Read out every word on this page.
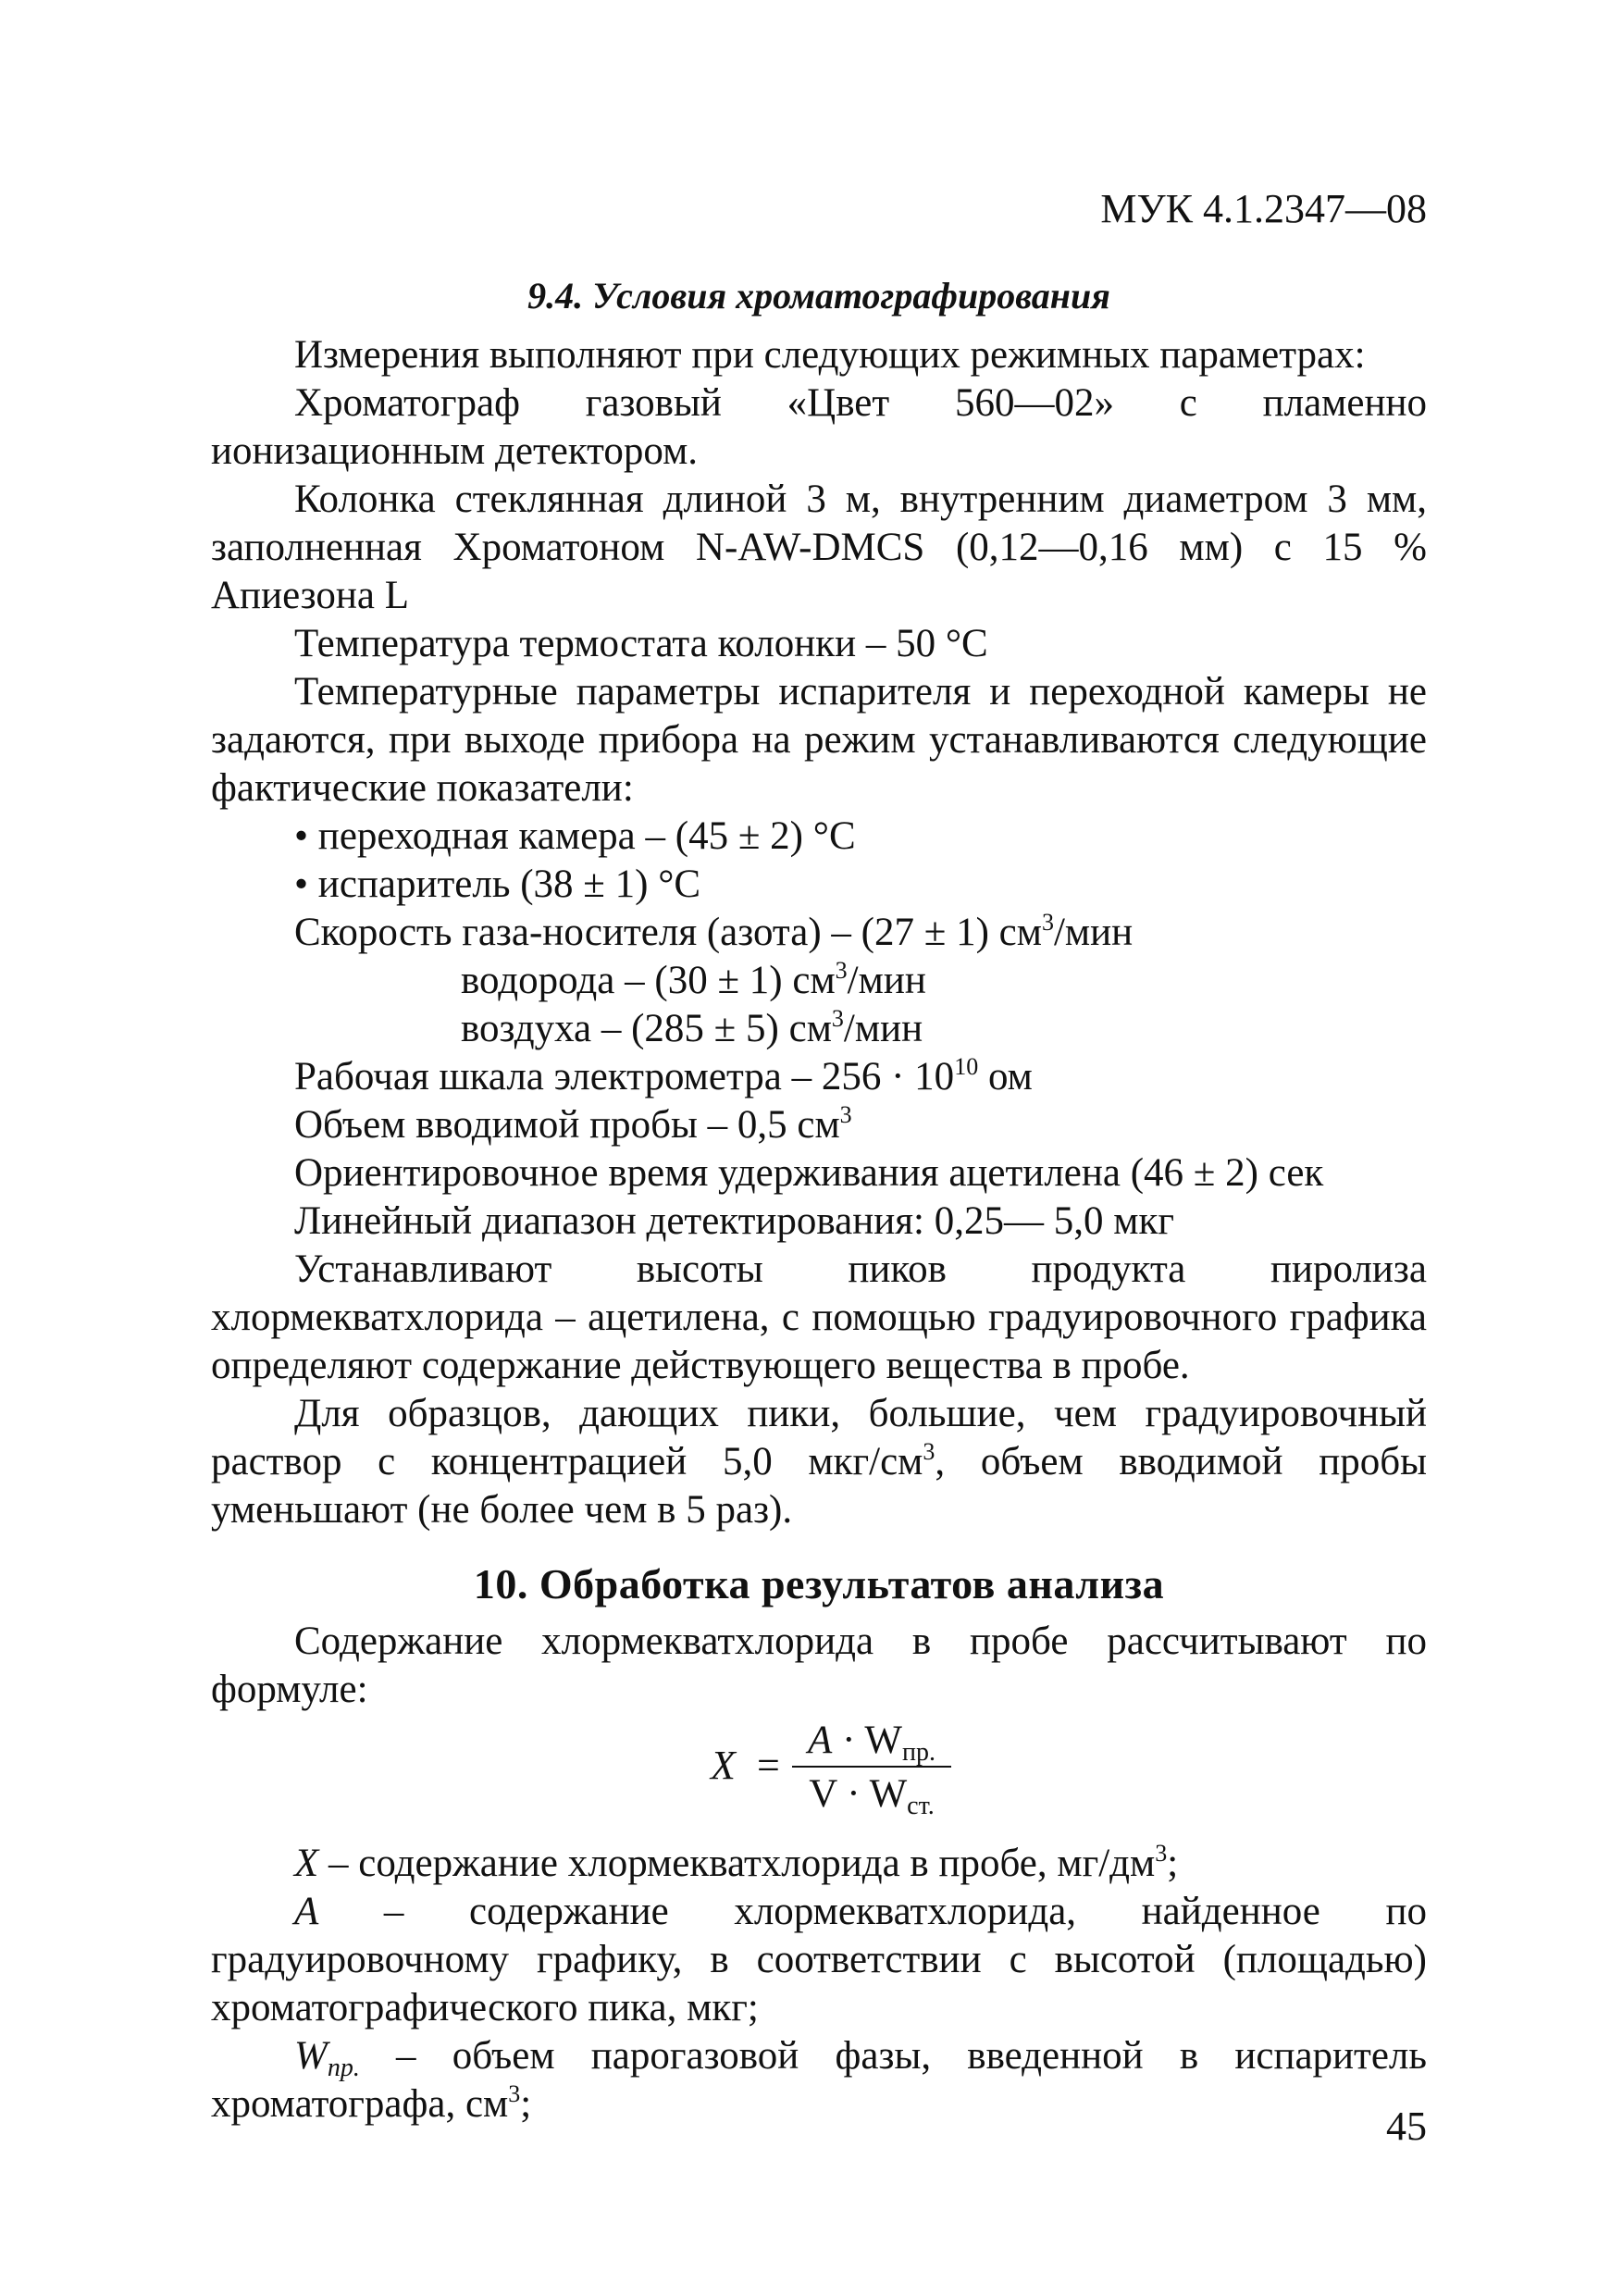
МУК 4.1.2347—08
9.4. Условия хроматографирования

Измерения выполняют при следующих режимных параметрах:

Хроматограф газовый «Цвет 560—02» с пламенно ионизационным детектором.

Колонка стеклянная длиной 3 м, внутренним диаметром 3 мм, заполненная Хроматоном N-AW-DMCS (0,12—0,16 мм) с 15 % Апиезона L

Температура термостата колонки – 50 °C

Температурные параметры испарителя и переходной камеры не задаются, при выходе прибора на режим устанавливаются следующие фактические показатели:

• переходная камера – (45 ± 2) °C

• испаритель (38 ± 1) °C

Скорость газа-носителя (азота) – (27 ± 1) $см^3$/мин

водорода – (30 ± 1) $см^3$/мин

воздуха – (285 ± 5) $см^3$/мин

Рабочая шкала электрометра – $256 \cdot 10^{10}$ ом

Объем вводимой пробы – 0,5 $см^3$

Ориентировочное время удерживания ацетилена (46 ± 2) сек

Линейный диапазон детектирования: 0,25— 5,0 мкг

Устанавливают высоты пиков продукта пиролиза хлормекватхлорида – ацетилена, с помощью градуировочного графика определяют содержание действующего вещества в пробе.

Для образцов, дающих пики, большие, чем градуировочный раствор с концентрацией 5,0 мкг/$см^3$, объем вводимой пробы уменьшают (не более чем в 5 раз).

10. Обработка результатов анализа

Содержание хлормекватхлорида в пробе рассчитывают по формуле:

X =
$A \cdot W_{пр.}$
$V \cdot W_{ст.}$

X – содержание хлормекватхлорида в пробе, $мг/дм^3$;

A – содержание хлормекватхлорида, найденное по градуировочному графику, в соответствии с высотой (площадью) хроматографического пика, мкг;

$W_{пр.}$ – объем парогазовой фазы, введенной в испаритель хроматографа, $см^3$;	45
